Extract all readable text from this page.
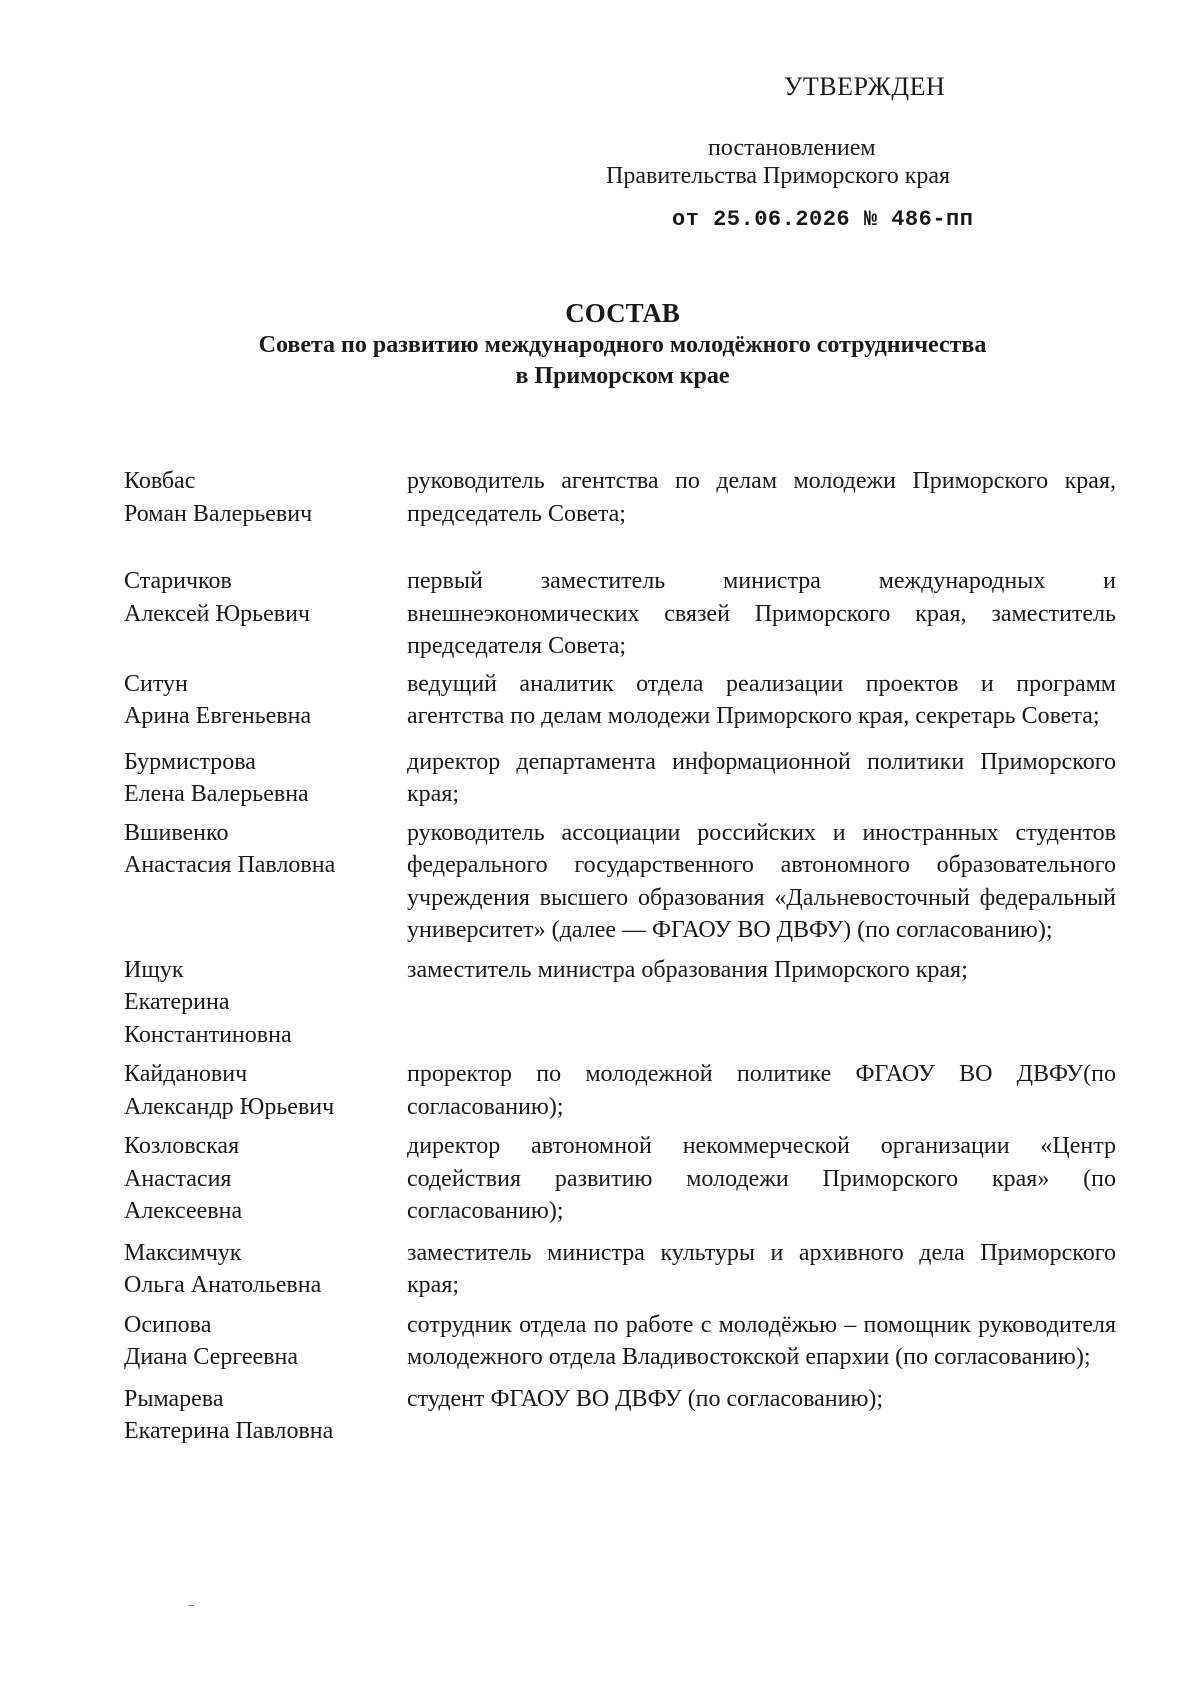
УТВЕРЖДЕН
постановлением
Правительства Приморского края
от 25.06.2026 № 486-пп
СОСТАВ
Совета по развитию международного молодёжного сотрудничества
в Приморском крае
Ковбас
Роман Валерьевич
руководитель агентства по делам молодежи Приморского края, председатель Совета;
Старичков
Алексей Юрьевич
первый заместитель министра международных и внешнеэкономических связей Приморского края, заместитель председателя Совета;
Ситун
Арина Евгеньевна
ведущий аналитик отдела реализации проектов и программ агентства по делам молодежи Приморского края, секретарь Совета;
Бурмистрова
Елена Валерьевна
директор департамента информационной политики Приморского края;
Вшивенко
Анастасия Павловна
руководитель ассоциации российских и иностранных студентов федерального государственного автономного образовательного учреждения высшего образования «Дальневосточный федеральный университет» (далее — ФГАОУ ВО ДВФУ) (по согласованию);
Ищук
Екатерина
Константиновна
заместитель министра образования Приморского края;
Кайданович
Александр Юрьевич
проректор по молодежной политике ФГАОУ ВО ДВФУ(по согласованию);
Козловская
Анастасия
Алексеевна
директор автономной некоммерческой организации «Центр содействия развитию молодежи Приморского края» (по согласованию);
Максимчук
Ольга Анатольевна
заместитель министра культуры и архивного дела Приморского края;
Осипова
Диана Сергеевна
сотрудник отдела по работе с молодёжью – помощник руководителя молодежного отдела Владивостокской епархии (по согласованию);
Рымарева
Екатерина Павловна
студент ФГАОУ ВО ДВФУ (по согласованию);
